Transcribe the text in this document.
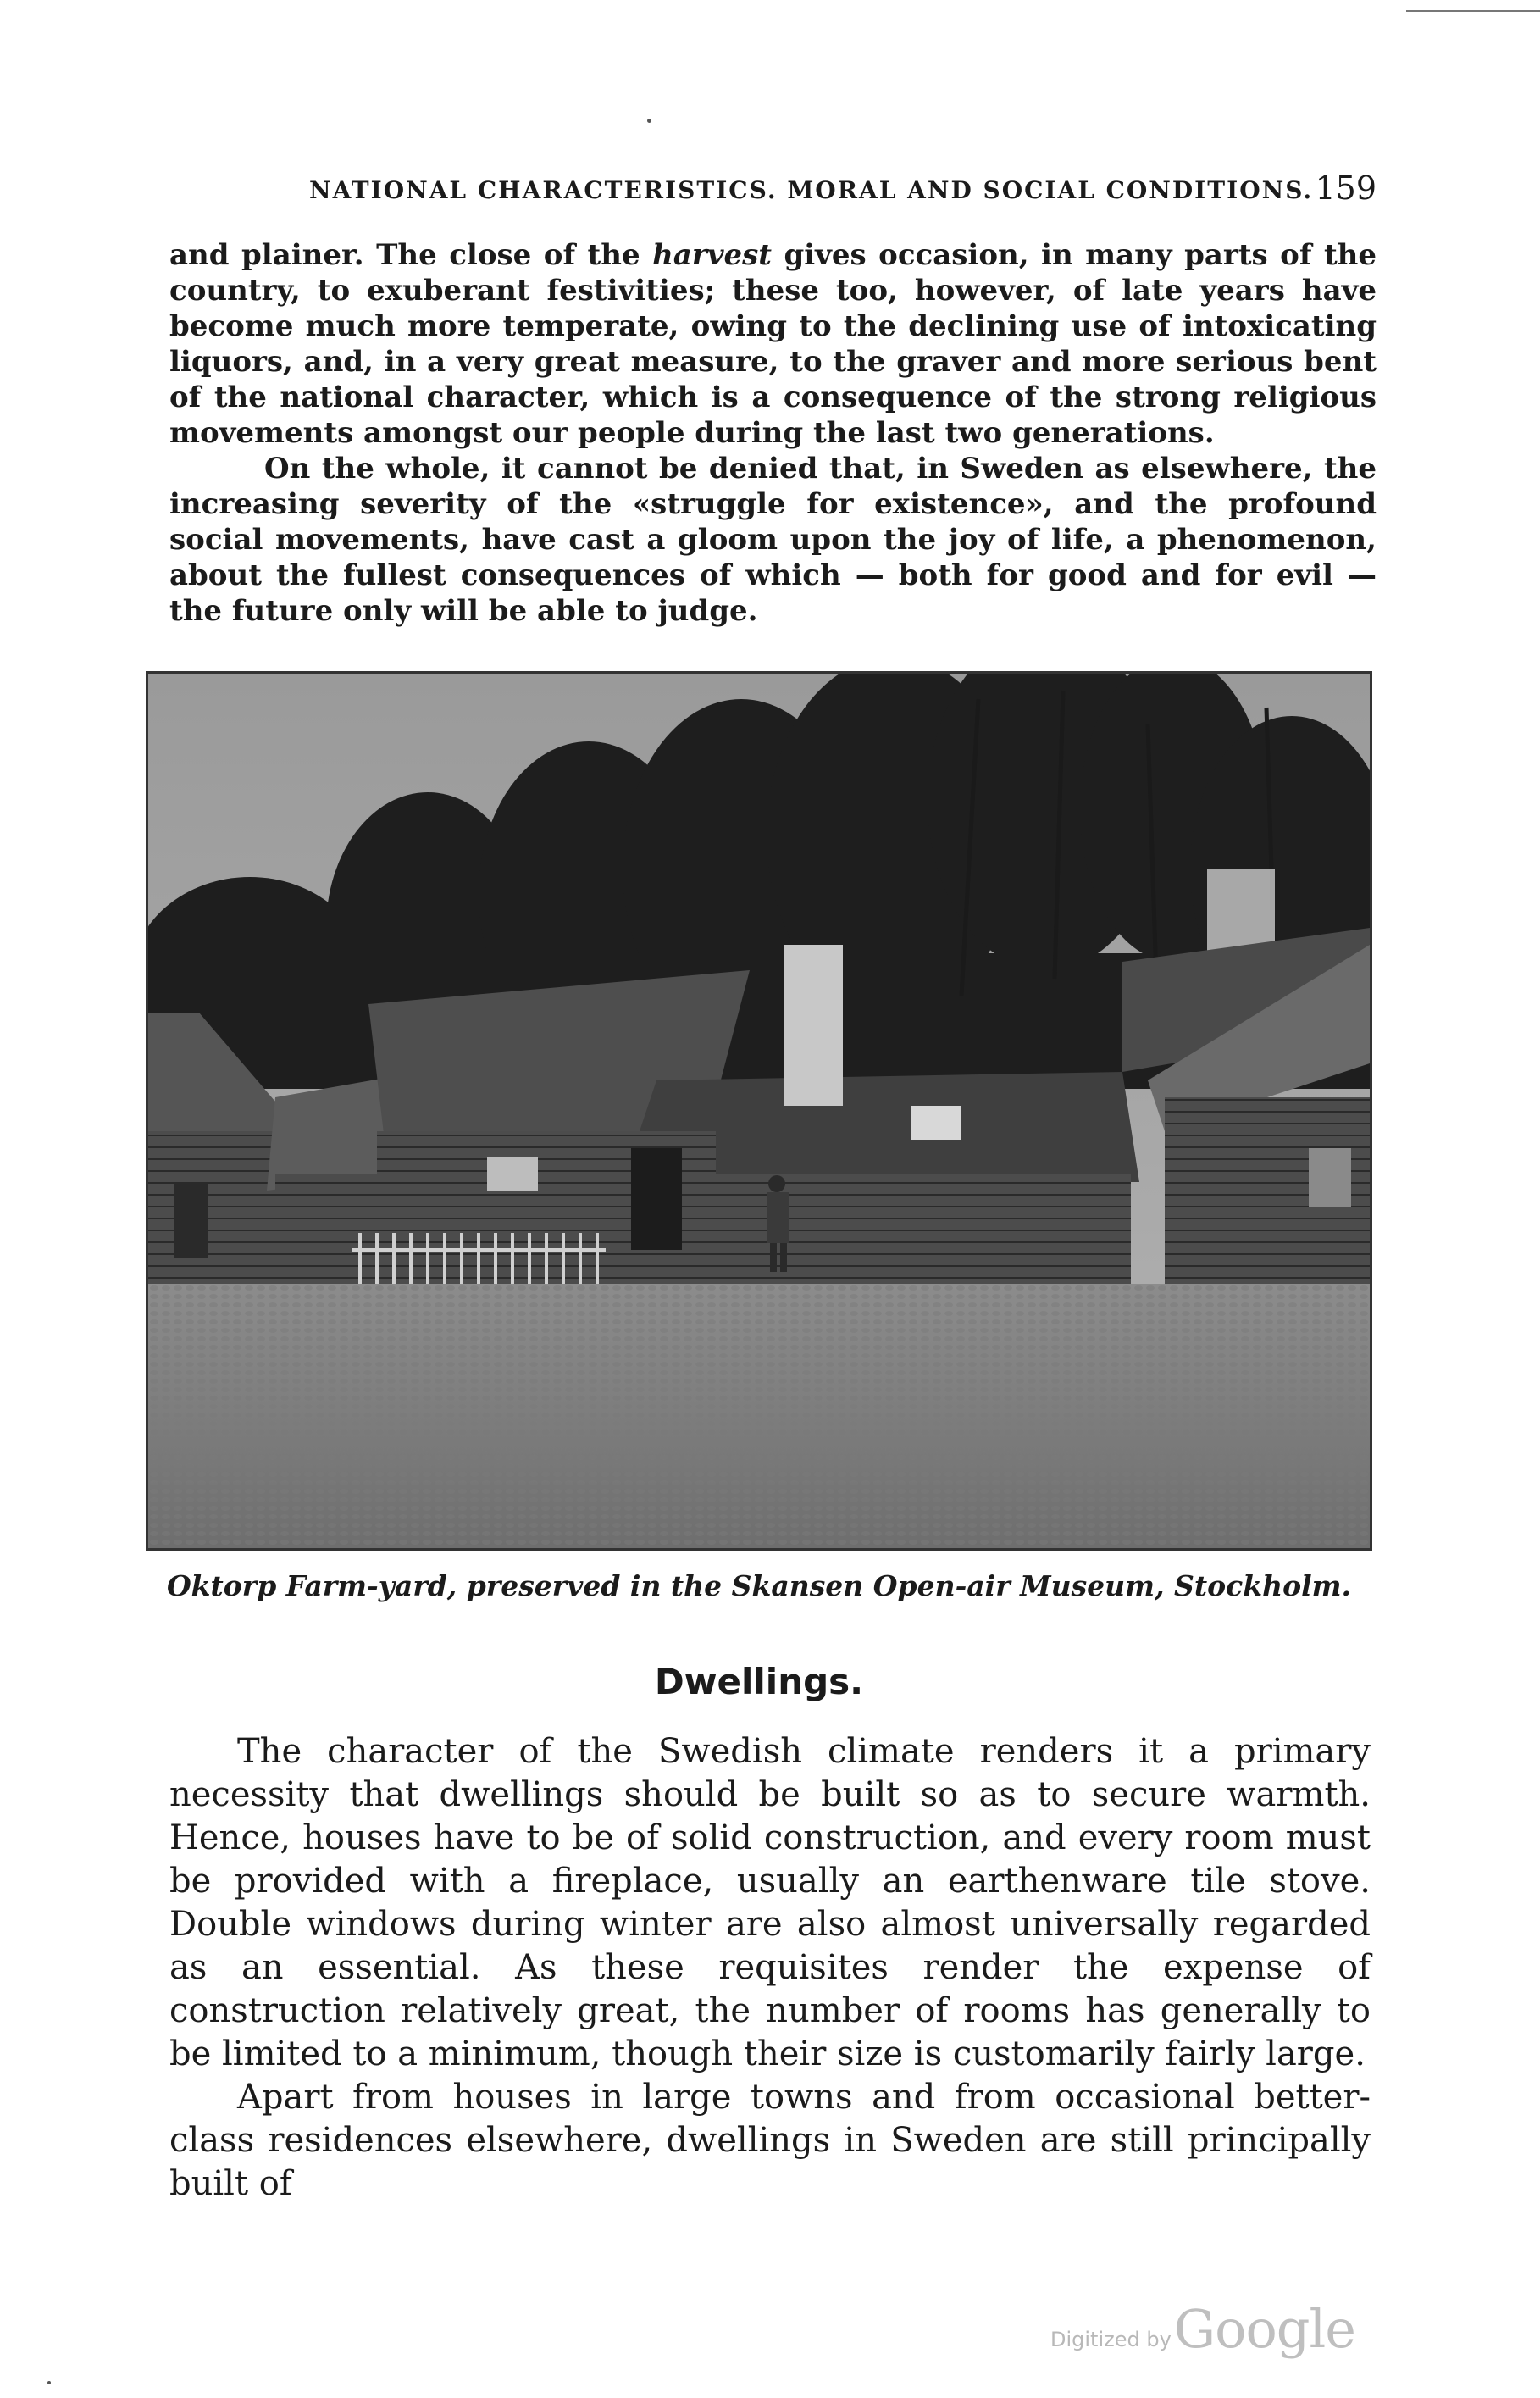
NATIONAL CHARACTERISTICS. MORAL AND SOCIAL CONDITIONS. 159

and plainer. The close of the harvest gives occasion, in many parts of the country, to exuberant festivities; these too, however, of late years have become much more temperate, owing to the declining use of intoxicating liquors, and, in a very great measure, to the graver and more serious bent of the national character, which is a consequence of the strong religious movements amongst our people during the last two generations.

On the whole, it cannot be denied that, in Sweden as elsewhere, the increasing severity of the «struggle for existence», and the profound social movements, have cast a gloom upon the joy of life, a phenomenon, about the fullest consequences of which — both for good and for evil — the future only will be able to judge.

Oktorp Farm-yard, preserved in the Skansen Open-air Museum, Stockholm.
Dwellings.

The character of the Swedish climate renders it a primary necessity that dwellings should be built so as to secure warmth. Hence, houses have to be of solid construction, and every room must be provided with a fireplace, usually an earthenware tile stove. Double windows during winter are also almost universally regarded as an essential. As these requisites render the expense of construction relatively great, the number of rooms has generally to be limited to a minimum, though their size is customarily fairly large.

Apart from houses in large towns and from occasional better-class residences elsewhere, dwellings in Sweden are still principally built of

Digitized by Google
